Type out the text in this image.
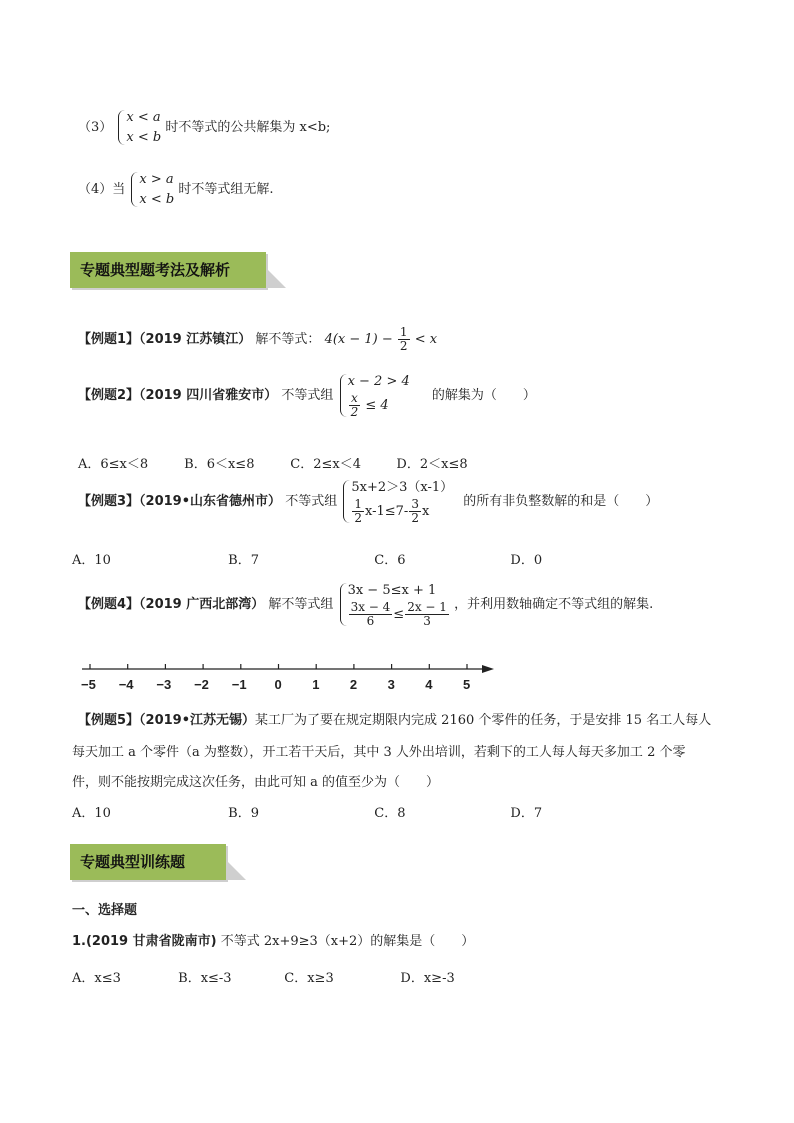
（3）
x < a
x < b
时不等式的公共解集为 x<b;
（4）当
x > a
x < b
时不等式组无解.
专题典型题考法及解析
【例题1】（2019 江苏镇江） 解不等式： $4(x - 1) - \frac{1}{2} < x$
【例题2】（2019 四川省雅安市） 不等式组
x − 2 > 4
$\frac{x}{2} \le 4$
的解集为（　　）
A．6≤x＜8	B．6＜x≤8	C．2≤x＜4	D．2＜x≤8
【例题3】（2019•山东省德州市） 不等式组
5x+2＞3（x-1）
$\frac{1}{2} x-1\le 7- \frac{3}{2}$ x
的所有非负整数解的和是（　　）
A．10	B．7	C．6	D．0
【例题4】（2019 广西北部湾） 解不等式组
3x − 5≤x + 1
$\frac{3x - 4}{6} \le \frac{2x - 1}{3}$ ，并利用数轴确定不等式组的解集.
−5 −4 −3 −2 −1 0 1 2 3 4 5
【例题5】（2019•江苏无锡）某工厂为了要在规定期限内完成 2160 个零件的任务，于是安排 15 名工人每人
每天加工 a 个零件（a 为整数），开工若干天后，其中 3 人外出培训，若剩下的工人每人每天多加工 2 个零
件，则不能按期完成这次任务，由此可知 a 的值至少为（　　）
A．10	B．9	C．8	D．7
专题典型训练题
一、选择题
1.(2019 甘肃省陇南市) 不等式 2x+9≥3（x+2）的解集是（　　）
A．x≤3	B．x≤-3	C．x≥3	D．x≥-3
